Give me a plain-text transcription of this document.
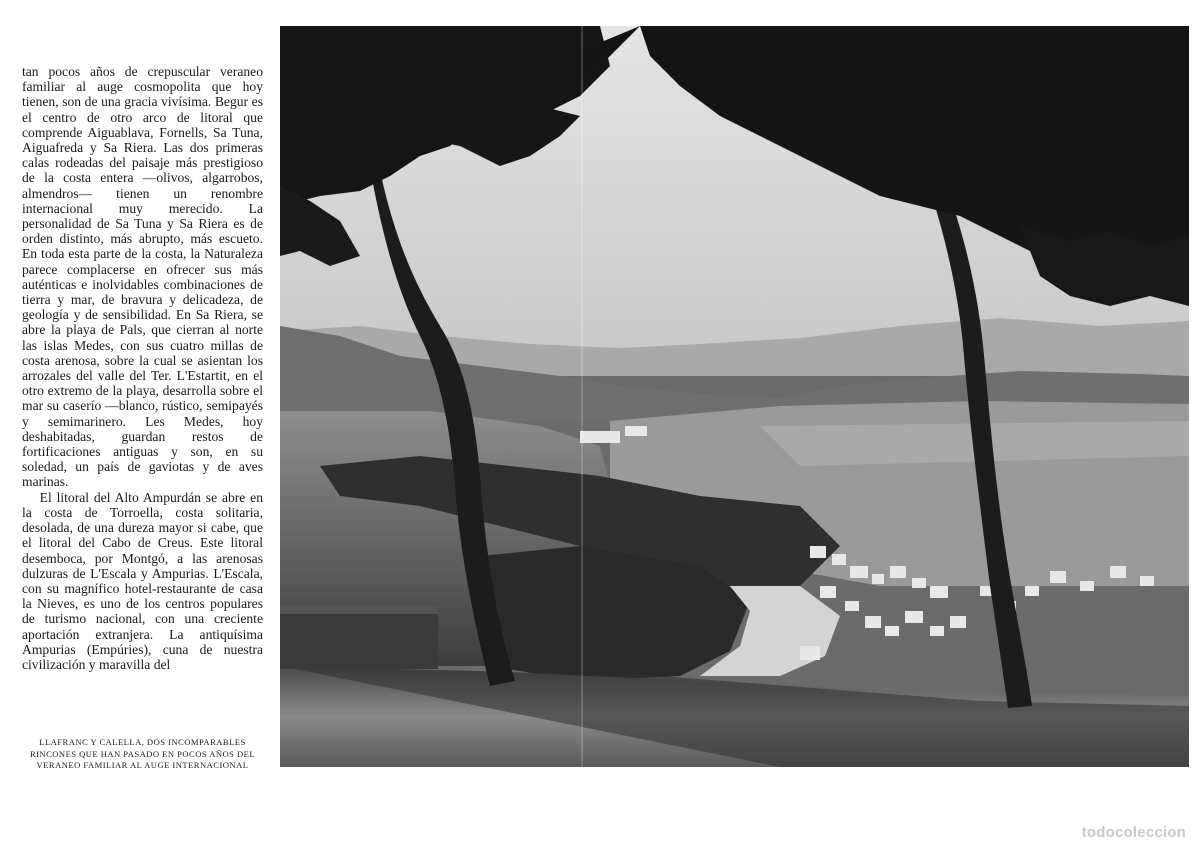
tan pocos años de crepuscular veraneo familiar al auge cosmopolita que hoy tienen, son de una gracia vivísima. Begur es el centro de otro arco de litoral que comprende Aiguablava, Fornells, Sa Tuna, Aiguafreda y Sa Riera. Las dos primeras calas rodeadas del paisaje más prestigioso de la costa entera —olivos, algarrobos, almendros— tienen un renombre internacional muy merecido. La personalidad de Sa Tuna y Sa Riera es de orden distinto, más abrupto, más escueto. En toda esta parte de la costa, la Naturaleza parece complacerse en ofrecer sus más auténticas e inolvidables combinaciones de tierra y mar, de bravura y delicadeza, de geología y de sensibilidad. En Sa Riera, se abre la playa de Pals, que cierran al norte las islas Medes, con sus cuatro millas de costa arenosa, sobre la cual se asientan los arrozales del valle del Ter. L'Estartit, en el otro extremo de la playa, desarrolla sobre el mar su caserío —blanco, rústico, semipayés y semimarinero. Les Medes, hoy deshabitadas, guardan restos de fortificaciones antiguas y son, en su soledad, un país de gaviotas y de aves marinas.

El litoral del Alto Ampurdán se abre en la costa de Torroella, costa solitaria, desolada, de una dureza mayor si cabe, que el litoral del Cabo de Creus. Este litoral desemboca, por Montgó, a las arenosas dulzuras de L'Escala y Ampurias. L'Escala, con su magnífico hotel-restaurante de casa la Nieves, es uno de los centros populares de turismo nacional, con una creciente aportación extranjera. La antiquísima Ampurias (Empúries), cuna de nuestra civilización y maravilla del

LLAFRANC Y CALELLA, DOS INCOMPARABLES RINCONES QUE HAN PASADO EN POCOS AÑOS DEL VERANEO FAMILIAR AL AUGE INTERNACIONAL
todocoleccion
